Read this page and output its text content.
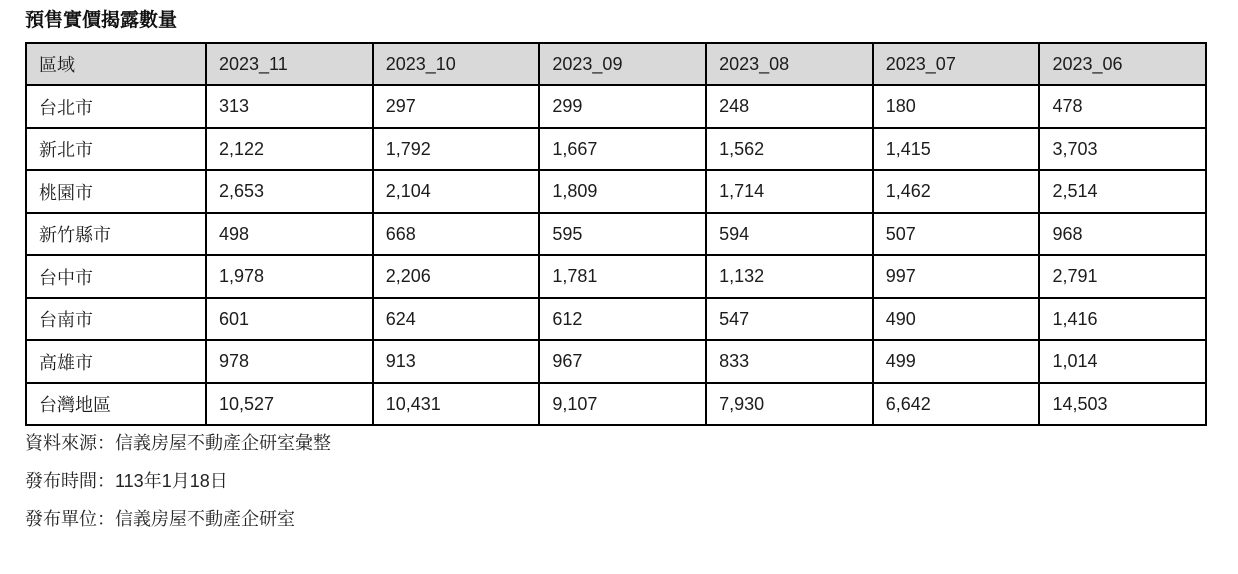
預售實價揭露數量
區域	2023_11	2023_10	2023_09	2023_08	2023_07	2023_06
台北市	313	297	299	248	180	478
新北市	2,122	1,792	1,667	1,562	1,415	3,703
桃園市	2,653	2,104	1,809	1,714	1,462	2,514
新竹縣市	498	668	595	594	507	968
台中市	1,978	2,206	1,781	1,132	997	2,791
台南市	601	624	612	547	490	1,416
高雄市	978	913	967	833	499	1,014
台灣地區	10,527	10,431	9,107	7,930	6,642	14,503

資料來源：信義房屋不動產企研室彙整

發布時間：113年1月18日

發布單位：信義房屋不動產企研室
